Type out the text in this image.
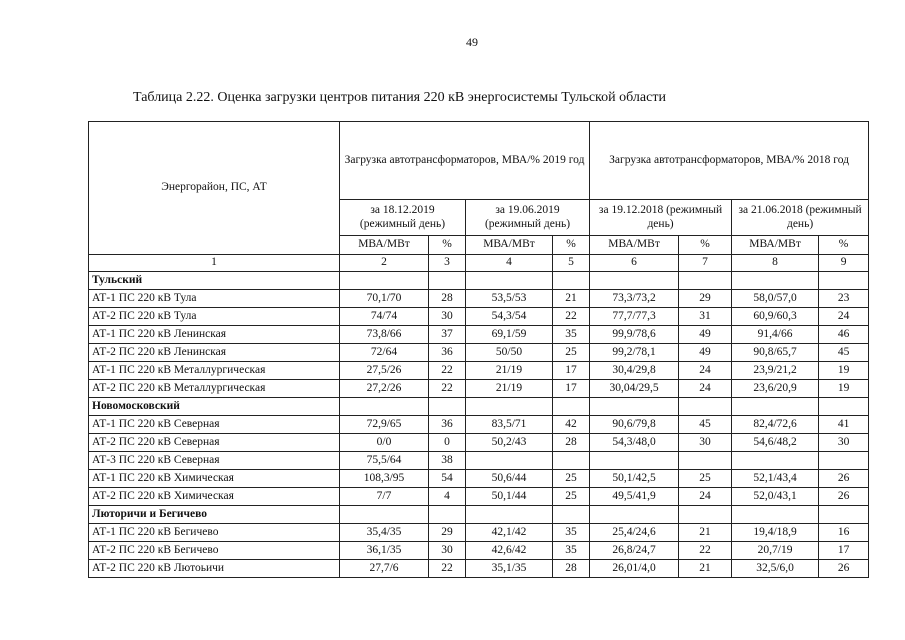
49
Таблица 2.22. Оценка загрузки центров питания 220 кВ энергосистемы Тульской области
Энергорайон, ПС, АТ	Загрузка автотрансформаторов, МВА/% 2019 год				Загрузка автотрансформаторов, МВА/% 2018 год			
	за 18.12.2019 (режимный день)		за 19.06.2019 (режимный день)		за 19.12.2018 (режимный день)		за 21.06.2018 (режимный день)	
	МВА/МВт	%	МВА/МВт	%	МВА/МВт	%	МВА/МВт	%
1	2	3	4	5	6	7	8	9
Тульский								
АТ-1 ПС 220 кВ Тула	70,1/70	28	53,5/53	21	73,3/73,2	29	58,0/57,0	23
АТ-2 ПС 220 кВ Тула	74/74	30	54,3/54	22	77,7/77,3	31	60,9/60,3	24
АТ-1 ПС 220 кВ Ленинская	73,8/66	37	69,1/59	35	99,9/78,6	49	91,4/66	46
АТ-2 ПС 220 кВ Ленинская	72/64	36	50/50	25	99,2/78,1	49	90,8/65,7	45
АТ-1 ПС 220 кВ Металлургическая	27,5/26	22	21/19	17	30,4/29,8	24	23,9/21,2	19
АТ-2 ПС 220 кВ Металлургическая	27,2/26	22	21/19	17	30,04/29,5	24	23,6/20,9	19
Новомосковский								
АТ-1 ПС 220 кВ Северная	72,9/65	36	83,5/71	42	90,6/79,8	45	82,4/72,6	41
АТ-2 ПС 220 кВ Северная	0/0	0	50,2/43	28	54,3/48,0	30	54,6/48,2	30
АТ-3 ПС 220 кВ Северная	75,5/64	38						
АТ-1 ПС 220 кВ Химическая	108,3/95	54	50,6/44	25	50,1/42,5	25	52,1/43,4	26
АТ-2 ПС 220 кВ Химическая	7/7	4	50,1/44	25	49,5/41,9	24	52,0/43,1	26
Люторичи и Бегичево								
АТ-1 ПС 220 кВ Бегичево	35,4/35	29	42,1/42	35	25,4/24,6	21	19,4/18,9	16
АТ-2 ПС 220 кВ Бегичево	36,1/35	30	42,6/42	35	26,8/24,7	22	20,7/19	17
АТ-2 ПС 220 кВ Лютоьичи	27,7/6	22	35,1/35	28	26,01/4,0	21	32,5/6,0	26
